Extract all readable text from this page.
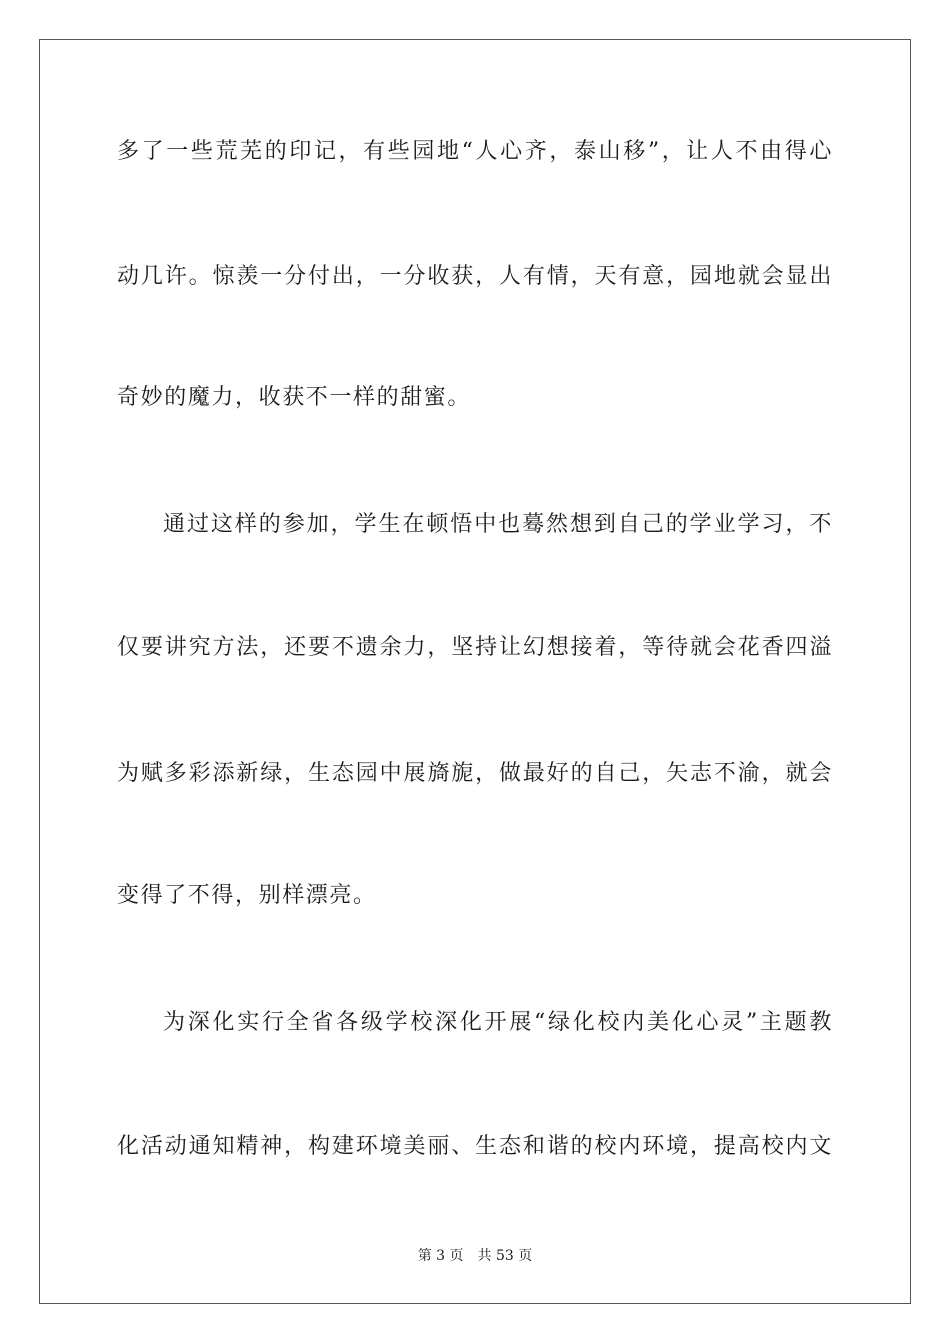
多了一些荒芜的印记，有些园地“人心齐，泰山移”，让人不由得心
动几许。惊羡一分付出，一分收获，人有情，天有意，园地就会显出
奇妙的魔力，收获不一样的甜蜜。
通过这样的参加，学生在顿悟中也蓦然想到自己的学业学习，不
仅要讲究方法，还要不遗余力，坚持让幻想接着，等待就会花香四溢
为赋多彩添新绿，生态园中展旖旎，做最好的自己，矢志不渝，就会
变得了不得，别样漂亮。
为深化实行全省各级学校深化开展“绿化校内美化心灵”主题教
化活动通知精神，构建环境美丽、生态和谐的校内环境，提高校内文
第 3 页 共 53 页
